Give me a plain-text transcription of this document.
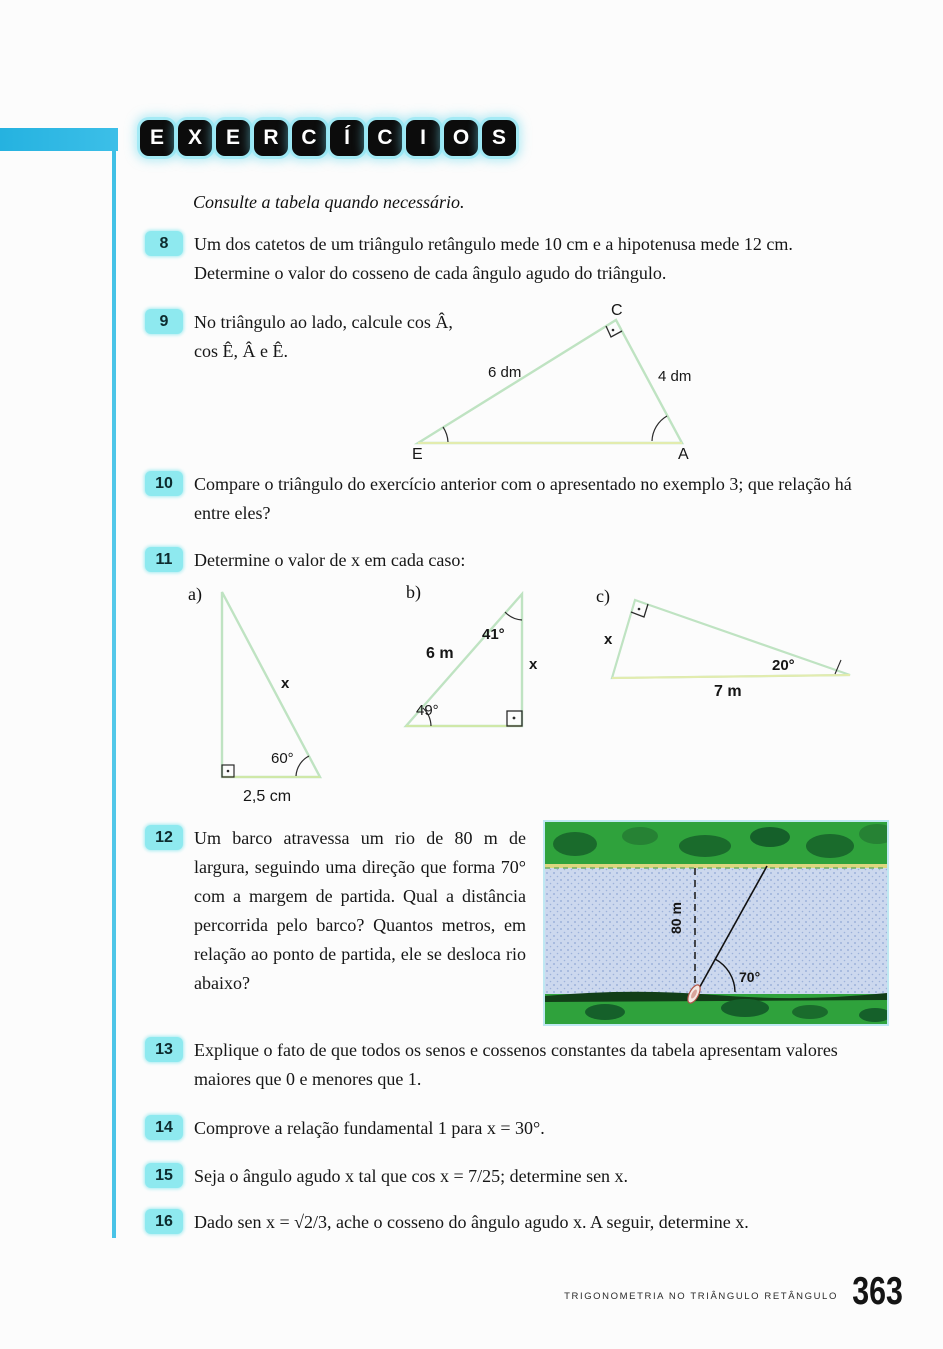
E	X	E	R	C	Í	C	I	O	S
Consulte a tabela quando necessário.
8	Um dos catetos de um triângulo retângulo mede 10 cm e a hipotenusa mede 12 cm. Determine o valor do cosseno de cada ângulo agudo do triângulo.
9	No triângulo ao lado, calcule cos Â, cos Ê, Â e Ê.
C
E	A
6 dm	4 dm
10	Compare o triângulo do exercício anterior com o apresentado no exemplo 3; que relação há entre eles?
11	Determine o valor de x em cada caso:
a)
x
60°
2,5 cm
b)
41°
49°
6 m
x
c)
x
20°
7 m
12	Um barco atravessa um rio de 80 m de largura, seguindo uma direção que forma 70° com a margem de partida. Qual a distância percorrida pelo barco? Quantos metros, em relação ao ponto de partida, ele se desloca rio abaixo?
80 m
70°
13	Explique o fato de que todos os senos e cossenos constantes da tabela apresentam valores maiores que 0 e menores que 1.
14	Comprove a relação fundamental 1 para x = 30°.
15	Seja o ângulo agudo x tal que cos x = 7/25; determine sen x.
16	Dado sen x = √2/3, ache o cosseno do ângulo agudo x. A seguir, determine x.
TRIGONOMETRIA NO TRIÂNGULO RETÂNGULO 363
